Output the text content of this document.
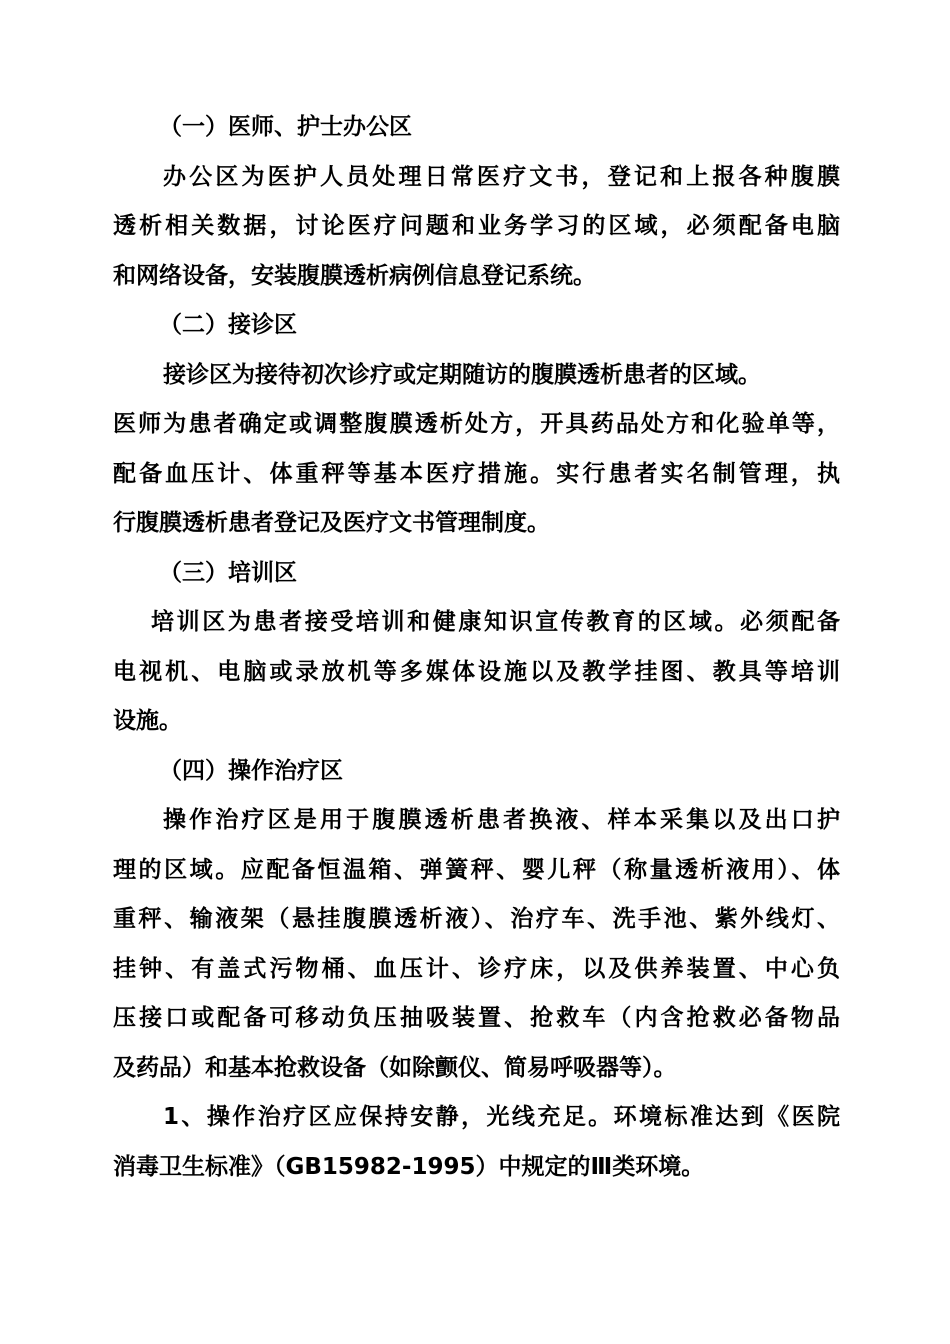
（一）医师、护士办公区
办公区为医护人员处理日常医疗文书，登记和上报各种腹膜
透析相关数据，讨论医疗问题和业务学习的区域，必须配备电脑
和网络设备，安装腹膜透析病例信息登记系统。
（二）接诊区
接诊区为接待初次诊疗或定期随访的腹膜透析患者的区域。
医师为患者确定或调整腹膜透析处方，开具药品处方和化验单等，
配备血压计、体重秤等基本医疗措施。实行患者实名制管理，执
行腹膜透析患者登记及医疗文书管理制度。
（三）培训区
培训区为患者接受培训和健康知识宣传教育的区域。必须配备
电视机、电脑或录放机等多媒体设施以及教学挂图、教具等培训
设施。
（四）操作治疗区
操作治疗区是用于腹膜透析患者换液、样本采集以及出口护
理的区域。应配备恒温箱、弹簧秤、婴儿秤（称量透析液用）、体
重秤、输液架（悬挂腹膜透析液）、治疗车、洗手池、紫外线灯、
挂钟、有盖式污物桶、血压计、诊疗床，以及供养装置、中心负
压接口或配备可移动负压抽吸装置、抢救车（内含抢救必备物品
及药品）和基本抢救设备（如除颤仪、简易呼吸器等）。
1、操作治疗区应保持安静，光线充足。环境标准达到《医院
消毒卫生标准》（GB15982-1995）中规定的Ⅲ类环境。
